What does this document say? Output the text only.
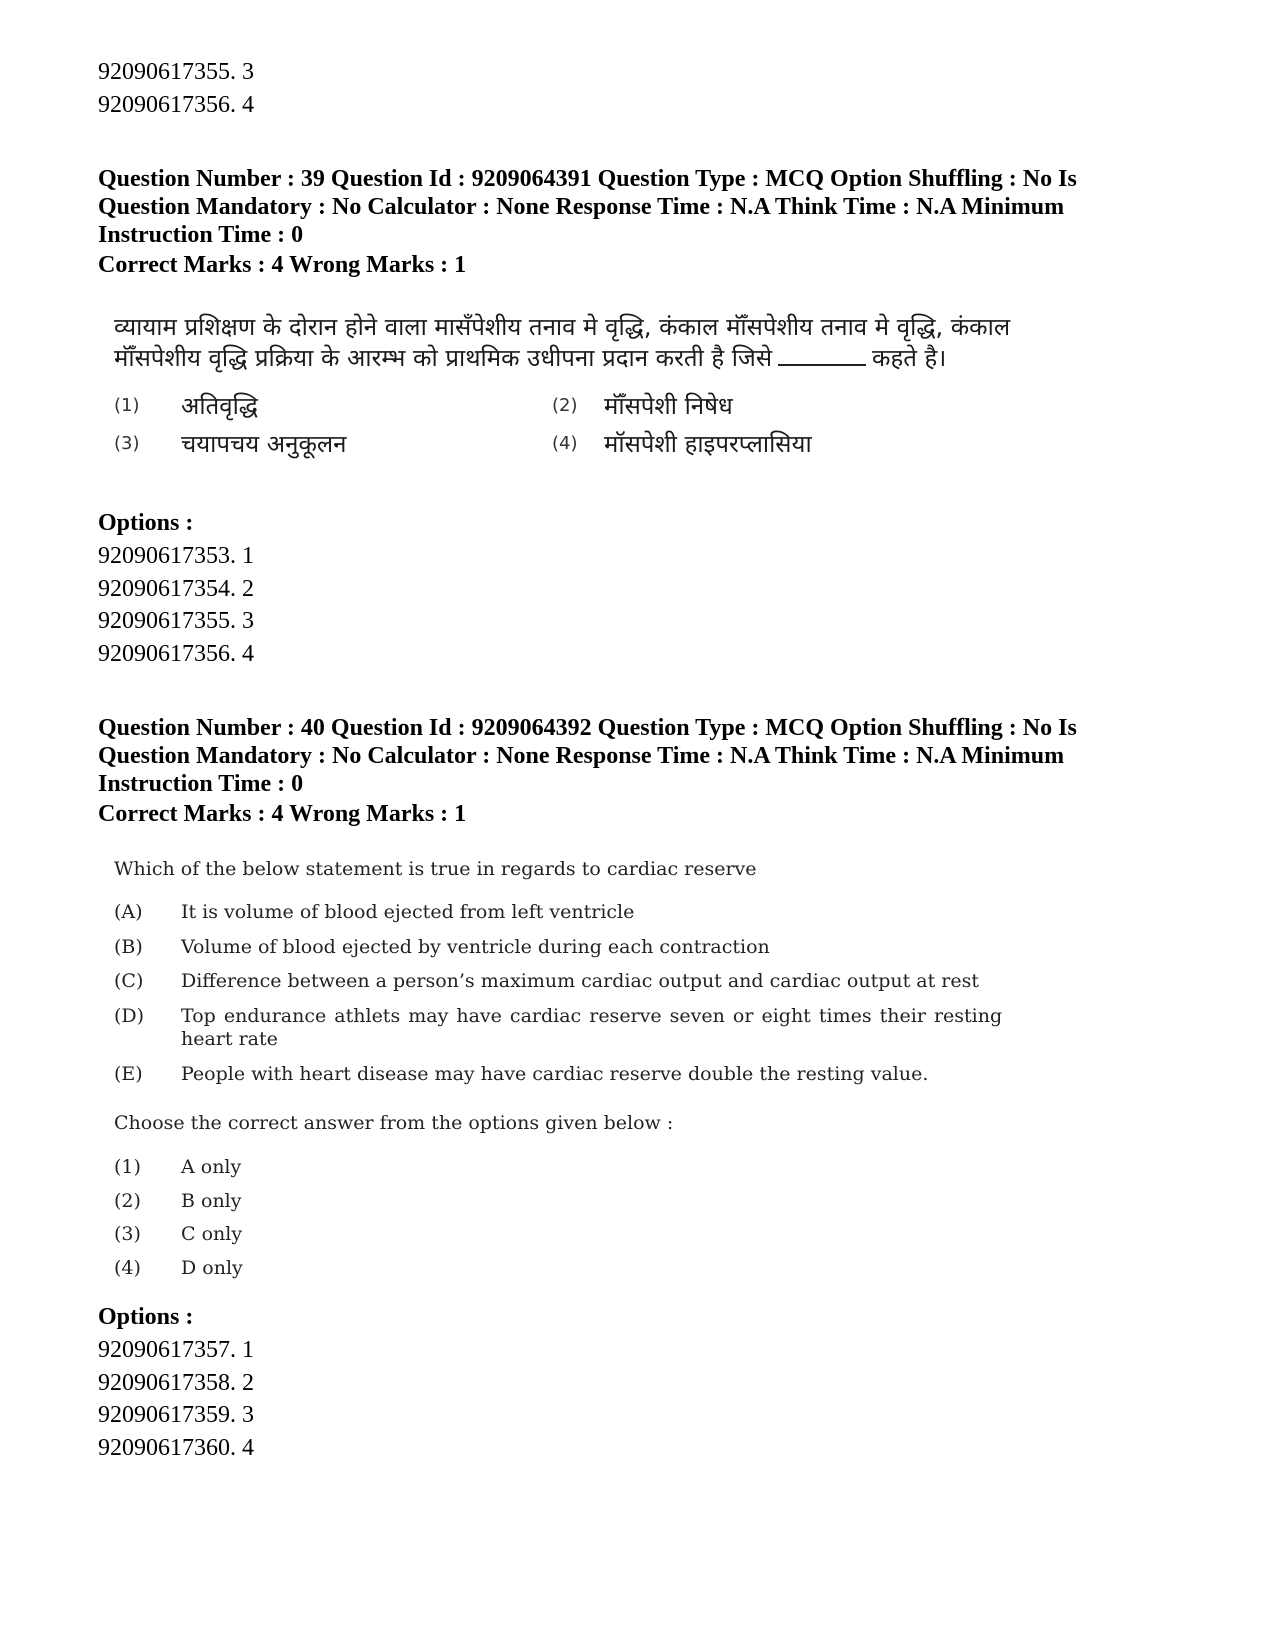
92090617355. 3
92090617356. 4
Question Number : 39 Question Id : 9209064391 Question Type : MCQ Option Shuffling : No Is
Question Mandatory : No Calculator : None Response Time : N.A Think Time : N.A Minimum
Instruction Time : 0
Correct Marks : 4 Wrong Marks : 1
व्यायाम प्रशिक्षण के दोरान होने वाला मासँपेशीय तनाव मे वृद्धि, कंकाल मॉँसपेशीय तनाव मे वृद्धि, कंकाल
मॉँसपेशीय वृद्धि प्रक्रिया के आरम्भ को प्राथमिक उधीपना प्रदान करती है जिसे	कहते है।
(1) अतिवृद्धि	(2) मॉँसपेशी निषेध
(3) चयापचय अनुकूलन	(4) मॉसपेशी हाइपरप्लासिया
Options :
92090617353. 1
92090617354. 2
92090617355. 3
92090617356. 4
Question Number : 40 Question Id : 9209064392 Question Type : MCQ Option Shuffling : No Is
Question Mandatory : No Calculator : None Response Time : N.A Think Time : N.A Minimum
Instruction Time : 0
Correct Marks : 4 Wrong Marks : 1
Which of the below statement is true in regards to cardiac reserve
(A) It is volume of blood ejected from left ventricle
(B) Volume of blood ejected by ventricle during each contraction
(C) Difference between a person’s maximum cardiac output and cardiac output at rest
(D) Top endurance athlets may have cardiac reserve seven or eight times their resting
heart rate
(E) People with heart disease may have cardiac reserve double the resting value.
Choose the correct answer from the options given below :
(1) A only
(2) B only
(3) C only
(4) D only
Options :
92090617357. 1
92090617358. 2
92090617359. 3
92090617360. 4
